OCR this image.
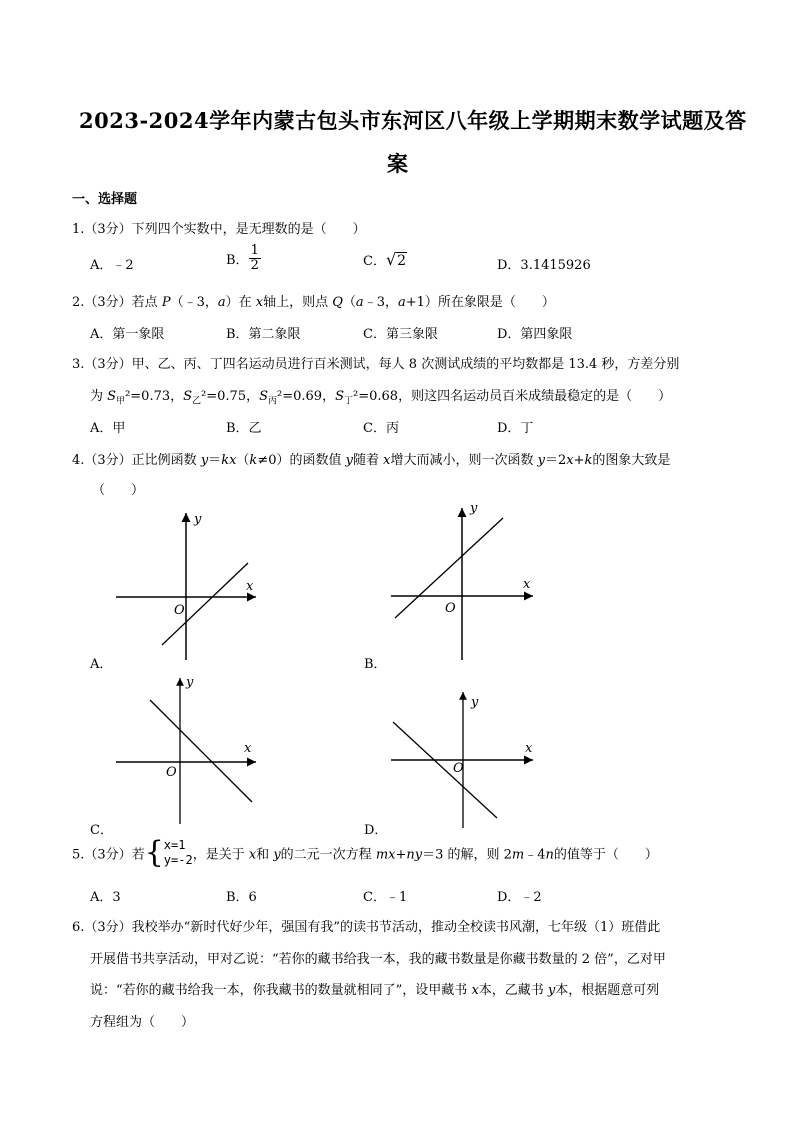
2023-2024学年内蒙古包头市东河区八年级上学期期末数学试题及答
案
一、选择题
1.（3分）下列四个实数中，是无理数的是（　　）
A．﹣2	B． $\frac{1}{2}$	C．√2	D．3.1415926
2.（3分）若点 P（﹣3，a）在 x轴上，则点 Q（a﹣3，a+1）所在象限是（　　）
A．第一象限	B．第二象限	C．第三象限	D．第四象限
3.（3分）甲、乙、丙、丁四名运动员进行百米测试，每人 8 次测试成绩的平均数都是 13.4 秒，方差分别
为 $S_甲^2=0.73$，$S_乙^2=0.75$，$S_丙^2=0.69$，$S_丁^2=0.68$，则这四名运动员百米成绩最稳定的是（　　）
A．甲	B．乙	C．丙	D．丁
4.（3分）正比例函数 y＝kx（k≠0）的函数值 y随着 x增大而减小，则一次函数 y＝2x+k的图象大致是
（　　）
x
y
O
A．
x
y
O
B．
x
y
O
C．
x
y
O
D．
5.（3分）若{ x=1
y=-2 ，是关于 x和 y的二元一次方程 mx+ny＝3 的解，则 2m﹣4n的值等于（　　）
A．3	B．6	C．﹣1	D．﹣2
6.（3分）我校举办“新时代好少年，强国有我”的读书节活动，推动全校读书风潮，七年级（1）班借此
开展借书共享活动，甲对乙说：“若你的藏书给我一本，我的藏书数量是你藏书数量的 2 倍”，乙对甲
说：“若你的藏书给我一本，你我藏书的数量就相同了”，设甲藏书 x本，乙藏书 y本，根据题意可列
方程组为（　　）
